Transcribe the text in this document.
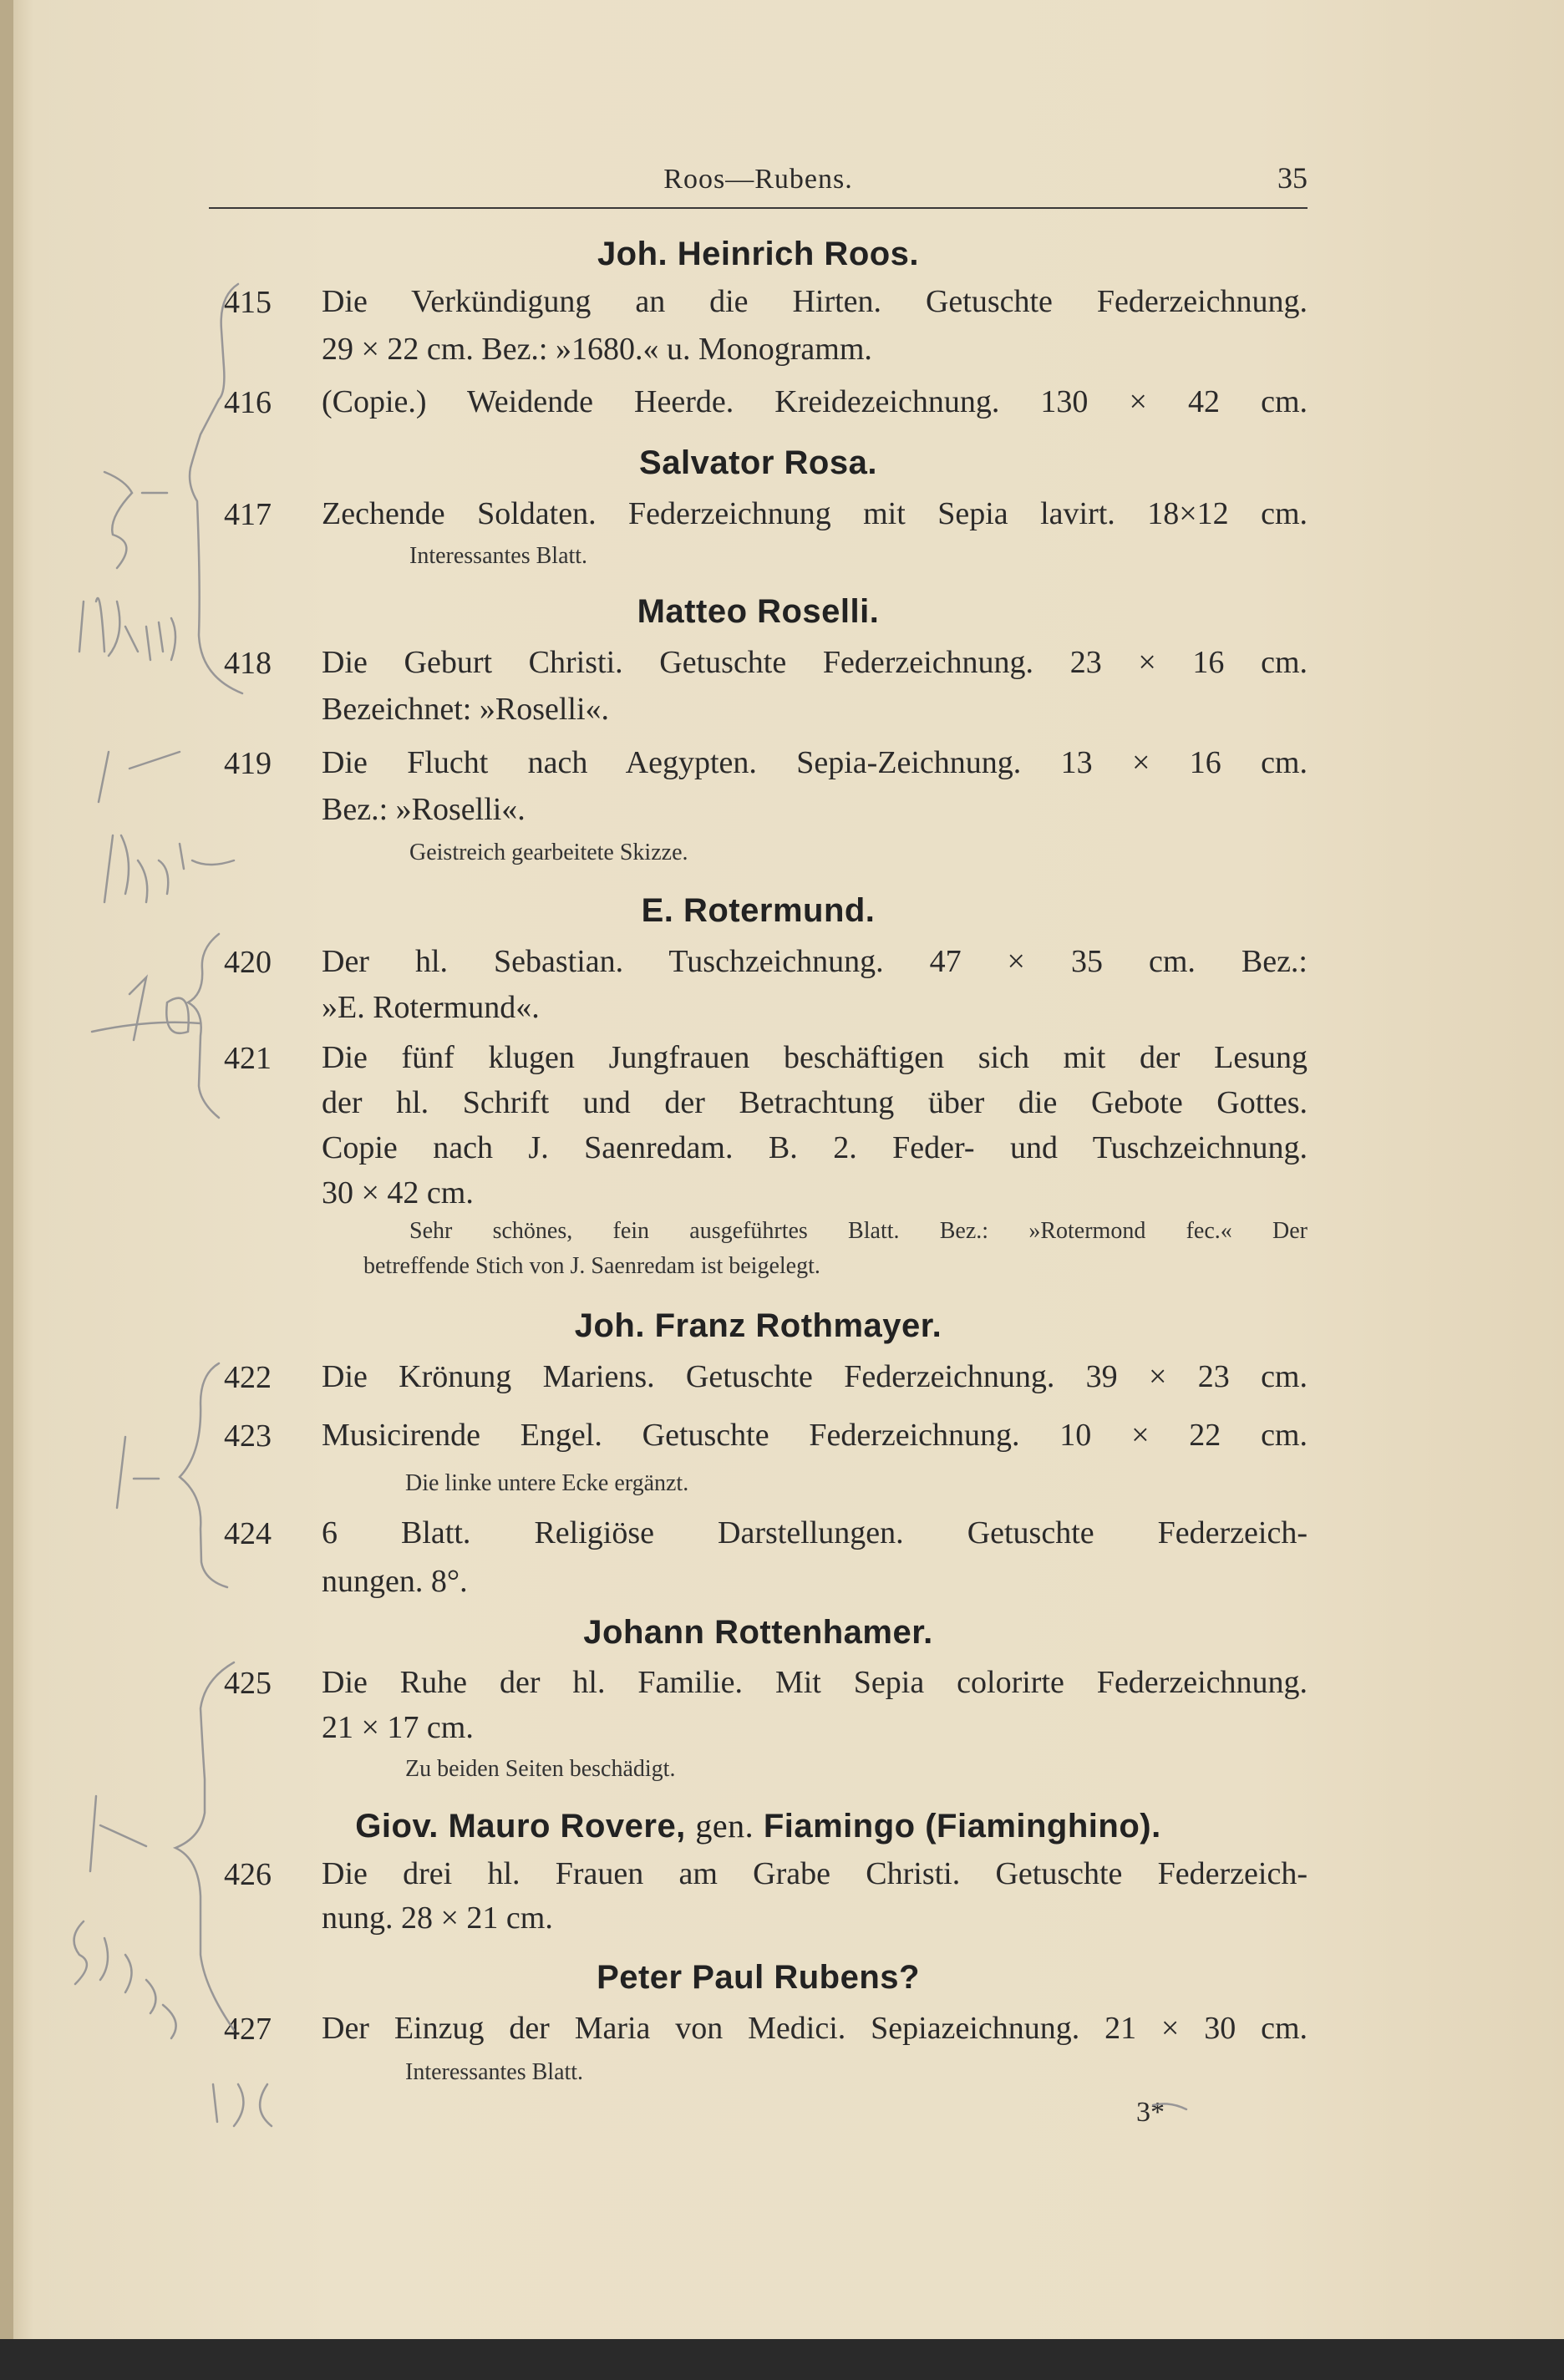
Roos—Rubens.	35
Joh. Heinrich Roos.
415 Die Verkündigung an die Hirten. Getuschte Federzeichnung.
29 × 22 cm. Bez.: »1680.« u. Monogramm.
416 (Copie.) Weidende Heerde. Kreidezeichnung. 130 × 42 cm.
Salvator Rosa.
417 Zechende Soldaten. Federzeichnung mit Sepia lavirt. 18×12 cm.
Interessantes Blatt.
Matteo Roselli.
418 Die Geburt Christi. Getuschte Federzeichnung. 23 × 16 cm.
Bezeichnet: »Roselli«.
419 Die Flucht nach Aegypten. Sepia-Zeichnung. 13 × 16 cm.
Bez.: »Roselli«.
Geistreich gearbeitete Skizze.
E. Rotermund.
420 Der hl. Sebastian. Tuschzeichnung. 47 × 35 cm. Bez.:
»E. Rotermund«.
421 Die fünf klugen Jungfrauen beschäftigen sich mit der Lesung
der hl. Schrift und der Betrachtung über die Gebote Gottes.
Copie nach J. Saenredam. B. 2. Feder- und Tuschzeichnung.
30 × 42 cm.
Sehr schönes, fein ausgeführtes Blatt. Bez.: »Rotermond fec.« Der
betreffende Stich von J. Saenredam ist beigelegt.
Joh. Franz Rothmayer.
422 Die Krönung Mariens. Getuschte Federzeichnung. 39 × 23 cm.
423 Musicirende Engel. Getuschte Federzeichnung. 10 × 22 cm.
Die linke untere Ecke ergänzt.
424 6 Blatt. Religiöse Darstellungen. Getuschte Federzeich-
nungen. 8°.
Johann Rottenhamer.
425 Die Ruhe der hl. Familie. Mit Sepia colorirte Federzeichnung.
21 × 17 cm.
Zu beiden Seiten beschädigt.
Giov. Mauro Rovere, gen. Fiamingo (Fiaminghino).
426 Die drei hl. Frauen am Grabe Christi. Getuschte Federzeich-
nung. 28 × 21 cm.
Peter Paul Rubens?
427 Der Einzug der Maria von Medici. Sepiazeichnung. 21 × 30 cm.
Interessantes Blatt.
3*
